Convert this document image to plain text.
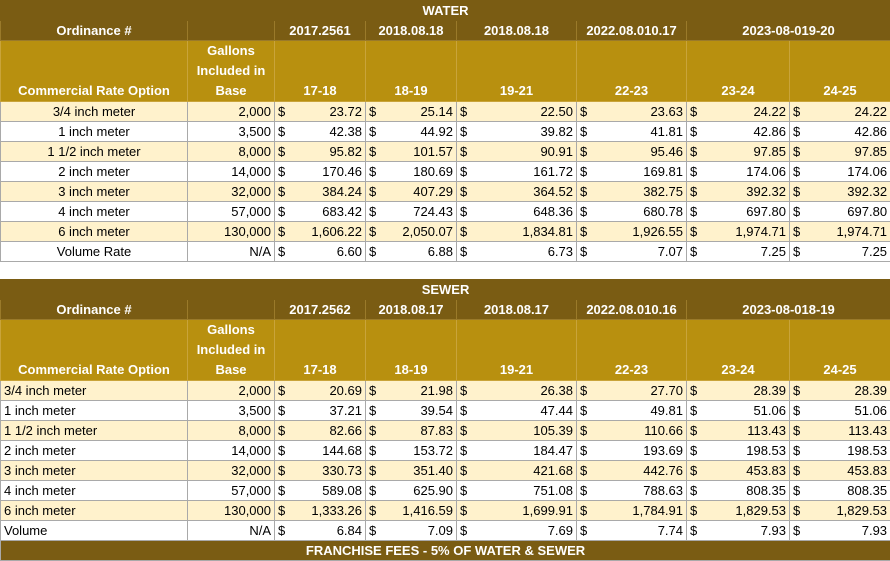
WATER													
Ordinance #		2017.2561		2018.08.18		2018.08.18		2022.08.010.17		2023-08-019-20			
Commercial Rate Option	Gallons Included in Base	17-18		18-19		19-21		22-23		23-24		24-25	
3/4 inch meter	2,000	$	23.72	$	25.14	$	22.50	$	23.63	$	24.22	$	24.22
1 inch meter	3,500	$	42.38	$	44.92	$	39.82	$	41.81	$	42.86	$	42.86
1 1/2 inch meter	8,000	$	95.82	$	101.57	$	90.91	$	95.46	$	97.85	$	97.85
2 inch meter	14,000	$	170.46	$	180.69	$	161.72	$	169.81	$	174.06	$	174.06
3 inch meter	32,000	$	384.24	$	407.29	$	364.52	$	382.75	$	392.32	$	392.32
4 inch meter	57,000	$	683.42	$	724.43	$	648.36	$	680.78	$	697.80	$	697.80
6 inch meter	130,000	$	1,606.22	$	2,050.07	$	1,834.81	$	1,926.55	$	1,974.71	$	1,974.71
Volume Rate	N/A	$	6.60	$	6.88	$	6.73	$	7.07	$	7.25	$	7.25

SEWER													
Ordinance #		2017.2562		2018.08.17		2018.08.17		2022.08.010.16		2023-08-018-19			
Commercial Rate Option	Gallons Included in Base	17-18		18-19		19-21		22-23		23-24		24-25	
3/4 inch meter	2,000	$	20.69	$	21.98	$	26.38	$	27.70	$	28.39	$	28.39
1 inch meter	3,500	$	37.21	$	39.54	$	47.44	$	49.81	$	51.06	$	51.06
1 1/2 inch meter	8,000	$	82.66	$	87.83	$	105.39	$	110.66	$	113.43	$	113.43
2 inch meter	14,000	$	144.68	$	153.72	$	184.47	$	193.69	$	198.53	$	198.53
3 inch meter	32,000	$	330.73	$	351.40	$	421.68	$	442.76	$	453.83	$	453.83
4 inch meter	57,000	$	589.08	$	625.90	$	751.08	$	788.63	$	808.35	$	808.35
6 inch meter	130,000	$	1,333.26	$	1,416.59	$	1,699.91	$	1,784.91	$	1,829.53	$	1,829.53
Volume	N/A	$	6.84	$	7.09	$	7.69	$	7.74	$	7.93	$	7.93
FRANCHISE FEES - 5% OF WATER & SEWER													
